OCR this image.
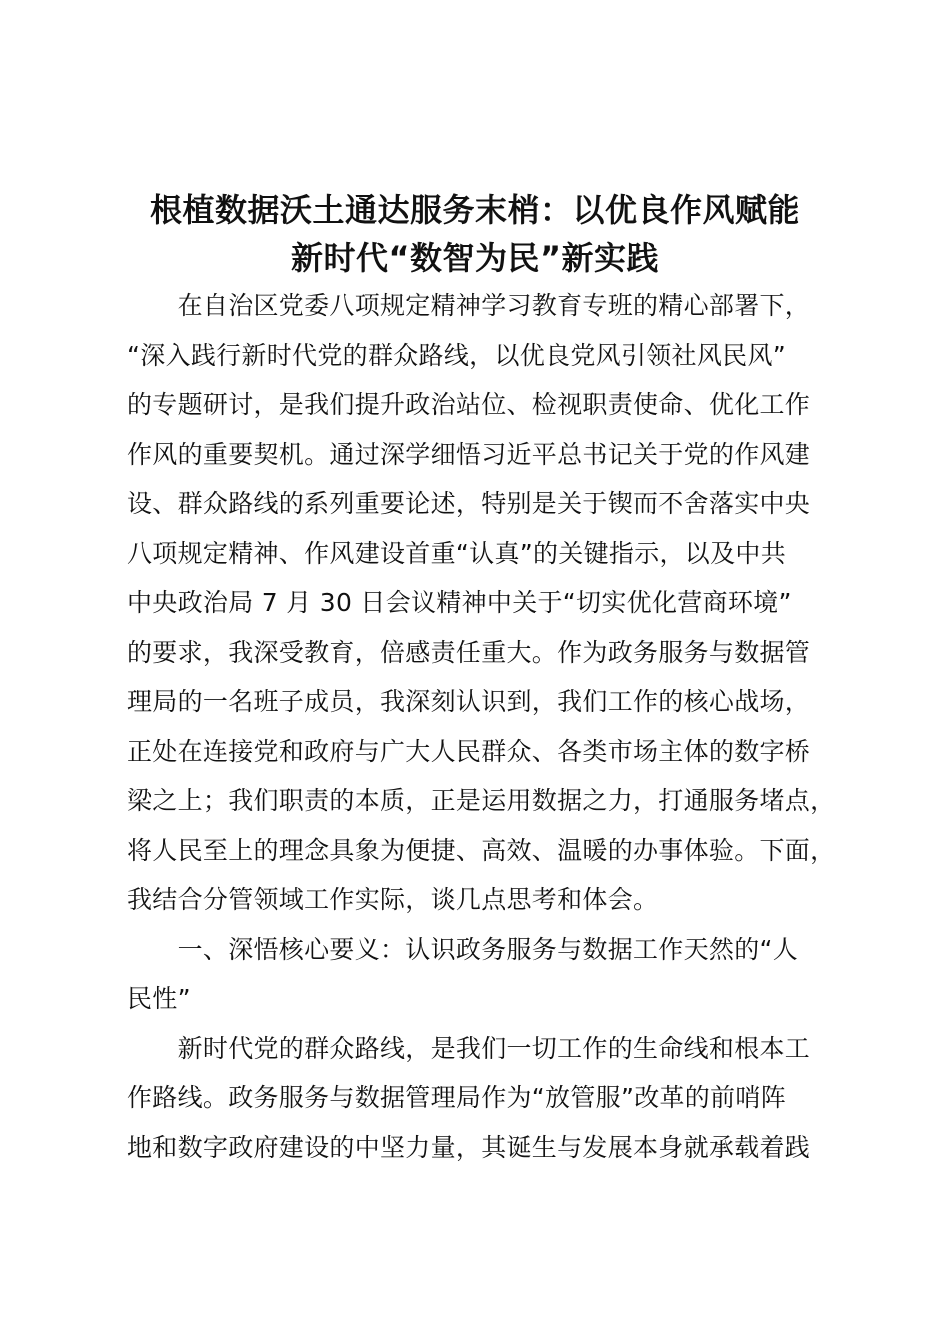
根植数据沃土通达服务末梢：以优良作风赋能
新时代“数智为民”新实践
　　在自治区党委八项规定精神学习教育专班的精心部署下，
“深入践行新时代党的群众路线，以优良党风引领社风民风”
的专题研讨，是我们提升政治站位、检视职责使命、优化工作
作风的重要契机。通过深学细悟习近平总书记关于党的作风建
设、群众路线的系列重要论述，特别是关于锲而不舍落实中央
八项规定精神、作风建设首重“认真”的关键指示，以及中共
中央政治局 7 月 30 日会议精神中关于“切实优化营商环境”
的要求，我深受教育，倍感责任重大。作为政务服务与数据管
理局的一名班子成员，我深刻认识到，我们工作的核心战场，
正处在连接党和政府与广大人民群众、各类市场主体的数字桥
梁之上；我们职责的本质，正是运用数据之力，打通服务堵点，
将人民至上的理念具象为便捷、高效、温暖的办事体验。下面，
我结合分管领域工作实际，谈几点思考和体会。
　　一、深悟核心要义：认识政务服务与数据工作天然的“人
民性”
　　新时代党的群众路线，是我们一切工作的生命线和根本工
作路线。政务服务与数据管理局作为“放管服”改革的前哨阵
地和数字政府建设的中坚力量，其诞生与发展本身就承载着践
